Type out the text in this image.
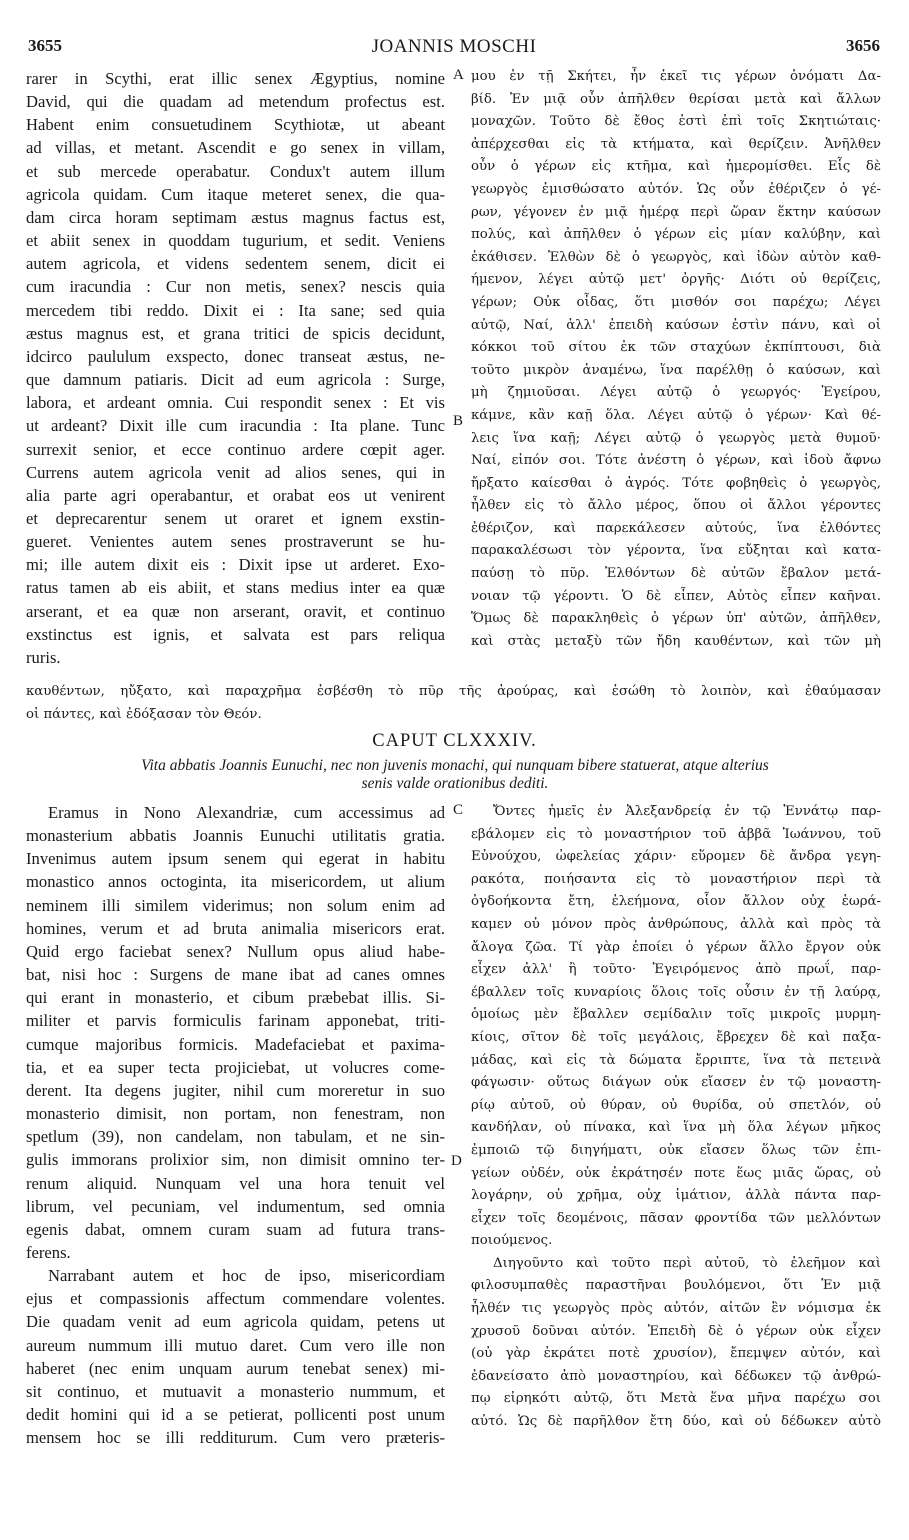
3655	JOANNIS MOSCHI	3656
rarer in Scythi, erat illic senex Ægyptius, nomine
David, qui die quadam ad metendum profectus est.
Habent enim consuetudinem Scythiotæ, ut abeant
ad villas, et metant. Ascendit e go senex in villam,
et sub mercede operabatur. Condux't autem illum
agricola quidam. Cum itaque meteret senex, die qua-
dam circa horam septimam æstus magnus factus est,
et abiit senex in quoddam tugurium, et sedit. Veniens
autem agricola, et videns sedentem senem, dicit ei
cum iracundia : Cur non metis, senex? nescis quia
mercedem tibi reddo. Dixit ei : Ita sane; sed quia
æstus magnus est, et grana tritici de spicis decidunt,
idcirco paululum exspecto, donec transeat æstus, ne-
que damnum patiaris. Dicit ad eum agricola : Surge,
labora, et ardeant omnia. Cui respondit senex : Et vis
ut ardeant? Dixit ille cum iracundia : Ita plane. Tunc
surrexit senior, et ecce continuo ardere cœpit ager.
Currens autem agricola venit ad alios senes, qui in
alia parte agri operabantur, et orabat eos ut venirent
et deprecarentur senem ut oraret et ignem exstin-
gueret. Venientes autem senes prostraverunt se hu-
mi; ille autem dixit eis : Dixit ipse ut arderet. Exo-
ratus tamen ab eis abiit, et stans medius inter ea quæ
arserant, et ea quæ non arserant, oravit, et continuo
exstinctus est ignis, et salvata est pars reliqua
ruris.
μου ἐν τῇ Σκήτει, ἦν ἐκεῖ τις γέρων ὀνόματι Δα-
βίδ. Ἐν μιᾷ οὖν ἀπῆλθεν θερίσαι μετὰ καὶ ἄλλων
μοναχῶν. Τοῦτο δὲ ἔθος ἐστὶ ἐπὶ τοῖς Σκητιώταις·
ἀπέρχεσθαι εἰς τὰ κτήματα, καὶ θερίζειν. Ἀνῆλθεν
οὖν ὁ γέρων εἰς κτῆμα, καὶ ἡμερομίσθει. Εἷς δὲ
γεωργὸς ἐμισθώσατο αὐτόν. Ὡς οὖν ἐθέριζεν ὁ γέ-
ρων, γέγονεν ἐν μιᾷ ἡμέρᾳ περὶ ὥραν ἕκτην καύσων
πολύς, καὶ ἀπῆλθεν ὁ γέρων εἰς μίαν καλύβην, καὶ
ἐκάθισεν. Ἐλθὼν δὲ ὁ γεωργὸς, καὶ ἰδὼν αὐτὸν καθ-
ήμενον, λέγει αὐτῷ μετ' ὀργῆς· Διότι οὐ θερίζεις,
γέρων; Οὐκ οἶδας, ὅτι μισθόν σοι παρέχω; Λέγει
αὐτῷ, Ναί, ἀλλ' ἐπειδὴ καύσων ἐστὶν πάνυ, καὶ οἱ
κόκκοι τοῦ σίτου ἐκ τῶν σταχύων ἐκπίπτουσι, διὰ
τοῦτο μικρὸν ἀναμένω, ἵνα παρέλθῃ ὁ καύσων, καὶ
μὴ ζημιοῦσαι. Λέγει αὐτῷ ὁ γεωργός· Ἐγείρου,
κάμνε, κἂν καῇ ὅλα. Λέγει αὐτῷ ὁ γέρων· Καὶ θέ-
λεις ἵνα καῇ; Λέγει αὐτῷ ὁ γεωργὸς μετὰ θυμοῦ·
Ναί, εἰπόν σοι. Τότε ἀνέστη ὁ γέρων, καὶ ἰδοὺ ἄφνω
ἤρξατο καίεσθαι ὁ ἀγρός. Τότε φοβηθεὶς ὁ γεωργὸς,
ἦλθεν εἰς τὸ ἄλλο μέρος, ὅπου οἱ ἄλλοι γέροντες
ἐθέριζον, καὶ παρεκάλεσεν αὐτούς, ἵνα ἐλθόντες
παρακαλέσωσι τὸν γέροντα, ἵνα εὔξηται καὶ κατα-
παύσῃ τὸ πῦρ. Ἐλθόντων δὲ αὐτῶν ἔβαλον μετά-
νοιαν τῷ γέροντι. Ὁ δὲ εἶπεν, Αὐτὸς εἶπεν καῆναι.
Ὅμως δὲ παρακληθεὶς ὁ γέρων ὑπ' αὐτῶν, ἀπῆλθεν,
καὶ στὰς μεταξὺ τῶν ἤδη καυθέντων, καὶ τῶν μὴ
A
B
καυθέντων, ηὔξατο, καὶ παραχρῆμα ἐσβέσθη τὸ πῦρ τῆς ἀρούρας, καὶ ἐσώθη τὸ λοιπὸν, καὶ ἐθαύμασαν
οἱ πάντες, καὶ ἐδόξασαν τὸν Θεόν.
CAPUT CLXXXIV.
Vita abbatis Joannis Eunuchi, nec non juvenis monachi, qui nunquam bibere statuerat, atque alterius
senis valde orationibus dediti.
Eramus in Nono Alexandriæ, cum accessimus ad
monasterium abbatis Joannis Eunuchi utilitatis gratia.
Invenimus autem ipsum senem qui egerat in habitu
monastico annos octoginta, ita misericordem, ut alium
neminem illi similem viderimus; non solum enim ad
homines, verum et ad bruta animalia misericors erat.
Quid ergo faciebat senex? Nullum opus aliud habe-
bat, nisi hoc : Surgens de mane ibat ad canes omnes
qui erant in monasterio, et cibum præbebat illis. Si-
militer et parvis formiculis farinam apponebat, triti-
cumque majoribus formicis. Madefaciebat et paxima-
tia, et ea super tecta projiciebat, ut volucres come-
derent. Ita degens jugiter, nihil cum moreretur in suo
monasterio dimisit, non portam, non fenestram, non
spetlum (39), non candelam, non tabulam, et ne sin-
gulis immorans prolixior sim, non dimisit omnino ter-
renum aliquid. Nunquam vel una hora tenuit vel
librum, vel pecuniam, vel indumentum, sed omnia
egenis dabat, omnem curam suam ad futura trans-
ferens.
Narrabant autem et hoc de ipso, misericordiam
ejus et compassionis affectum commendare volentes.
Die quadam venit ad eum agricola quidam, petens ut
aureum nummum illi mutuo daret. Cum vero ille non
haberet (nec enim unquam aurum tenebat senex) mi-
sit continuo, et mutuavit a monasterio nummum, et
dedit homini qui id a se petierat, pollicenti post unum
mensem hoc se illi redditurum. Cum vero præteris-
Ὄντες ἡμεῖς ἐν Ἀλεξανδρείᾳ ἐν τῷ Ἐννάτῳ παρ-
εβάλομεν εἰς τὸ μοναστήριον τοῦ ἀββᾶ Ἰωάννου, τοῦ
Εὐνούχου, ὠφελείας χάριν· εὕρομεν δὲ ἄνδρα γεγη-
ρακότα, ποιήσαντα εἰς τὸ μοναστήριον περὶ τὰ
ὀγδοήκοντα ἔτη, ἐλεήμονα, οἷον ἄλλον οὐχ ἑωρά-
καμεν οὐ μόνον πρὸς ἀνθρώπους, ἀλλὰ καὶ πρὸς τὰ
ἄλογα ζῶα. Τί γὰρ ἐποίει ὁ γέρων ἄλλο ἔργον οὐκ
εἶχεν ἀλλ' ἢ τοῦτο· Ἐγειρόμενος ἀπὸ πρωΐ, παρ-
έβαλλεν τοῖς κυναρίοις ὅλοις τοῖς οὖσιν ἐν τῇ λαύρᾳ,
ὁμοίως μὲν ἔβαλλεν σεμίδαλιν τοῖς μικροῖς μυρμη-
κίοις, σῖτον δὲ τοῖς μεγάλοις, ἔβρεχεν δὲ καὶ παξα-
μάδας, καὶ εἰς τὰ δώματα ἔρριπτε, ἵνα τὰ πετεινὰ
φάγωσιν· οὕτως διάγων οὐκ εἴασεν ἐν τῷ μοναστη-
ρίῳ αὐτοῦ, οὐ θύραν, οὐ θυρίδα, οὐ σπετλόν, οὐ
κανδήλαν, οὐ πίνακα, καὶ ἵνα μὴ ὅλα λέγων μῆκος
ἐμποιῶ τῷ διηγήματι, οὐκ εἴασεν ὅλως τῶν ἐπι-
γείων οὐδέν, οὐκ ἐκράτησέν ποτε ἕως μιᾶς ὥρας, οὐ
λογάρην, οὐ χρῆμα, οὐχ ἱμάτιον, ἀλλὰ πάντα παρ-
εἶχεν τοῖς δεομένοις, πᾶσαν φροντίδα τῶν μελλόντων
ποιούμενος.
Διηγοῦντο καὶ τοῦτο περὶ αὐτοῦ, τὸ ἐλεῆμον καὶ
φιλοσυμπαθὲς παραστῆναι βουλόμενοι, ὅτι Ἐν μιᾷ
ἦλθέν τις γεωργὸς πρὸς αὐτόν, αἰτῶν ἓν νόμισμα ἐκ
χρυσοῦ δοῦναι αὐτόν. Ἐπειδὴ δὲ ὁ γέρων οὐκ εἶχεν
(οὐ γὰρ ἐκράτει ποτὲ χρυσίον), ἔπεμψεν αὐτόν, καὶ
ἐδανείσατο ἀπὸ μοναστηρίου, καὶ δέδωκεν τῷ ἀνθρώ-
πῳ εἰρηκότι αὐτῷ, ὅτι Μετὰ ἕνα μῆνα παρέχω σοι
αὐτό. Ὡς δὲ παρῆλθον ἔτη δύο, καὶ οὐ δέδωκεν αὐτὸ
C
D
